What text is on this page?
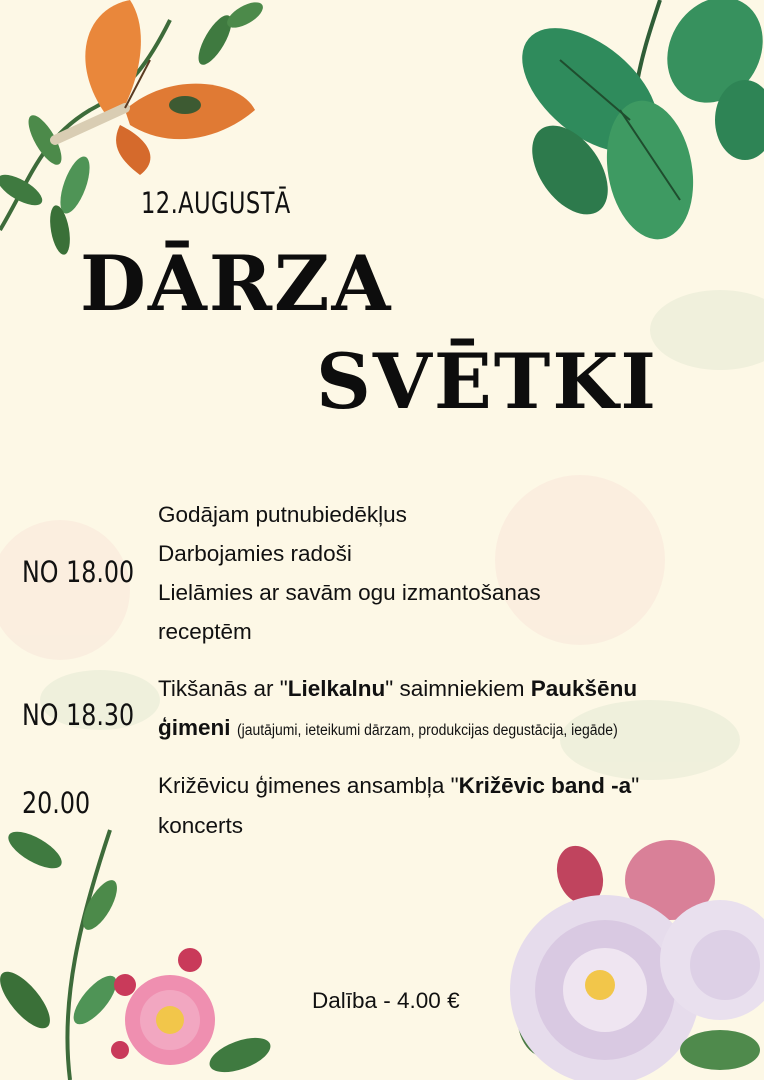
12.AUGUSTĀ
DĀRZA
SVĒTKI
NO 18.00
Godājam putnubiedēkļus
Darbojamies radoši
Lielāmies ar savām ogu izmantošanas
receptēm
NO 18.30
Tikšanās ar "Lielkalnu" saimniekiem Paukšēnu
ģimeni (jautājumi, ieteikumi dārzam, produkcijas degustācija, iegāde)
20.00
Križēvicu ģimenes ansambļa "Križēvic band -a"
koncerts
Dalība - 4.00 €
